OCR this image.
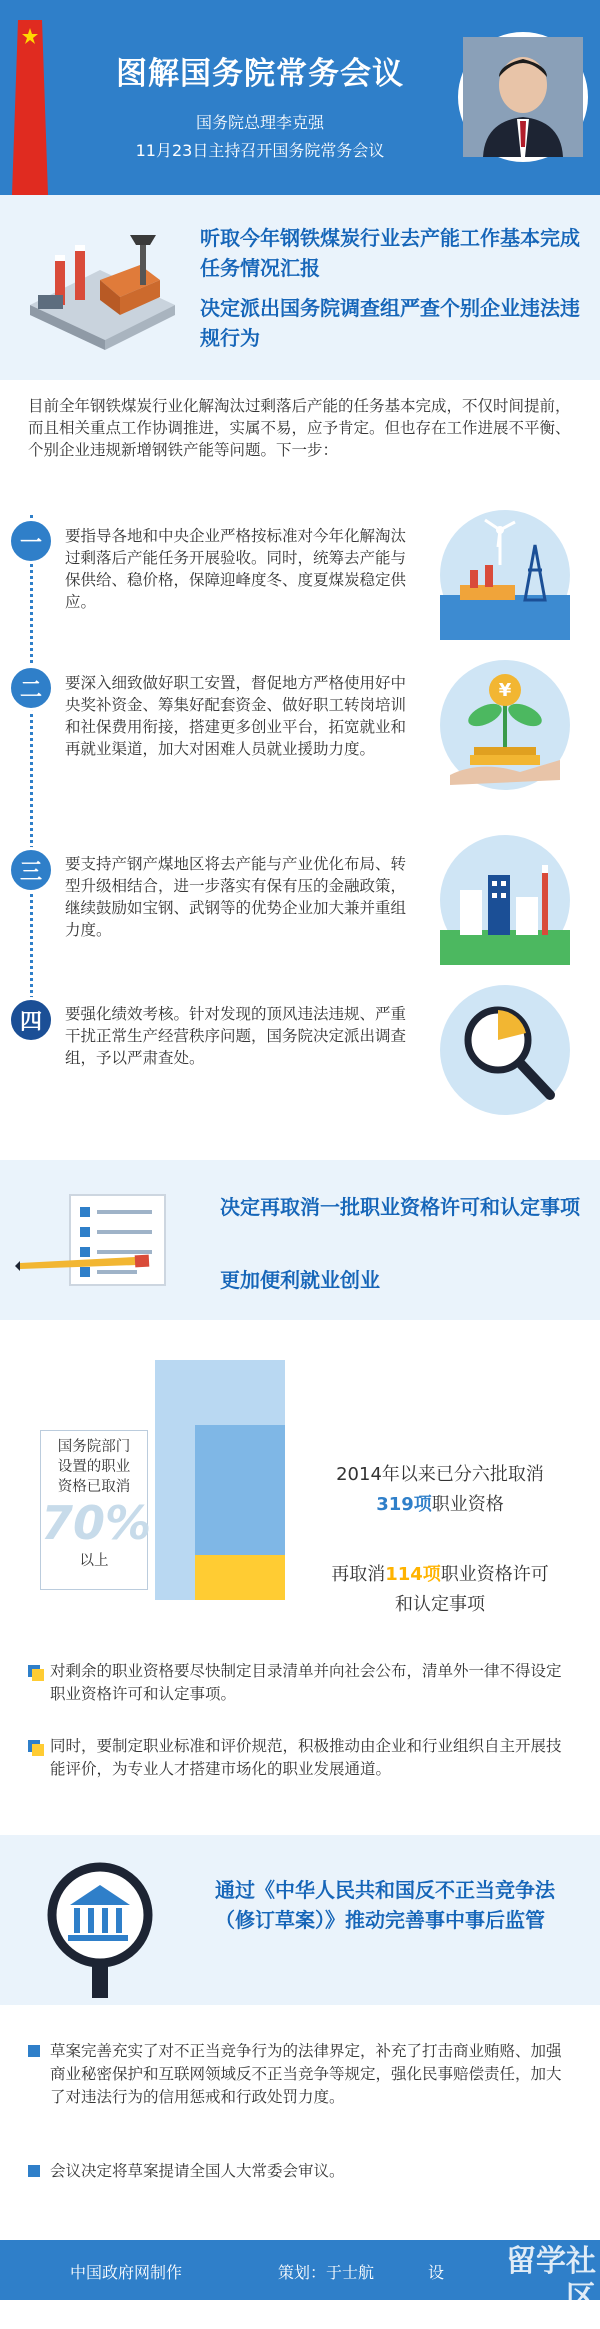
图解国务院常务会议
国务院总理李克强
11月23日主持召开国务院常务会议
听取今年钢铁煤炭行业去产能工作基本完成任务情况汇报
决定派出国务院调查组严查个别企业违法违规行为
目前全年钢铁煤炭行业化解淘汰过剩落后产能的任务基本完成，不仅时间提前，而且相关重点工作协调推进，实属不易，应予肯定。但也存在工作进展不平衡、个别企业违规新增钢铁产能等问题。下一步：
一	要指导各地和中央企业严格按标准对今年化解淘汰过剩落后产能任务开展验收。同时，统筹去产能与保供给、稳价格，保障迎峰度冬、度夏煤炭稳定供应。
二	要深入细致做好职工安置，督促地方严格使用好中央奖补资金、筹集好配套资金、做好职工转岗培训和社保费用衔接，搭建更多创业平台，拓宽就业和再就业渠道，加大对困难人员就业援助力度。
¥
三	要支持产钢产煤地区将去产能与产业优化布局、转型升级相结合，进一步落实有保有压的金融政策，继续鼓励如宝钢、武钢等的优势企业加大兼并重组力度。
四	要强化绩效考核。针对发现的顶风违法违规、严重干扰正常生产经营秩序问题，国务院决定派出调查组，予以严肃查处。
决定再取消一批职业资格许可和认定事项
更加便利就业创业
国务院部门
设置的职业
资格已取消
70%
以上
2014年以来已分六批取消
319项职业资格
再取消114项职业资格许可
和认定事项
对剩余的职业资格要尽快制定目录清单并向社会公布，清单外一律不得设定职业资格许可和认定事项。
同时，要制定职业标准和评价规范，积极推动由企业和行业组织自主开展技能评价，为专业人才搭建市场化的职业发展通道。
通过《中华人民共和国反不正当竞争法（修订草案）》推动完善事中事后监管
草案完善充实了对不正当竞争行为的法律界定，补充了打击商业贿赂、加强商业秘密保护和互联网领域反不正当竞争等规定，强化民事赔偿责任，加大了对违法行为的信用惩戒和行政处罚力度。
会议决定将草案提请全国人大常委会审议。
中国政府网制作	策划：于士航	设	留学社区
bbs.liuxue86.com
